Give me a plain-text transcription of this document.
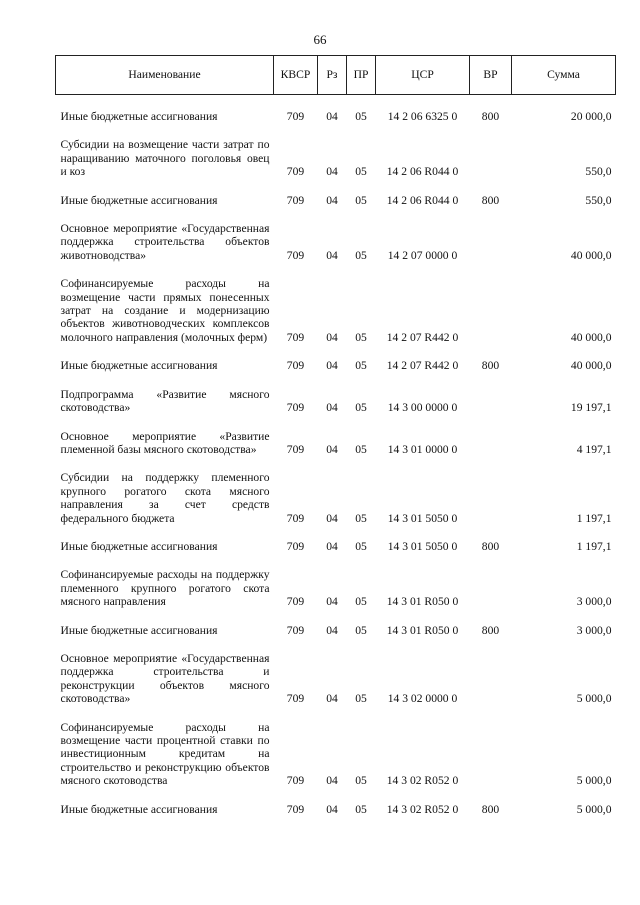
66
Наименование	КВСР	Рз	ПР	ЦСР	ВР	Сумма

Иные бюджетные ассигнования	709	04	05	14 2 06 6325 0	800	20 000,0

Субсидии на возмещение части затрат по наращиванию маточного поголовья овец и коз	709	04	05	14 2 06 R044 0		550,0

Иные бюджетные ассигнования	709	04	05	14 2 06 R044 0	800	550,0

Основное мероприятие «Государственная поддержка строительства объектов животноводства»	709	04	05	14 2 07 0000 0		40 000,0

Софинансируемые расходы на возмещение части прямых понесенных затрат на создание и модернизацию объектов животноводческих комплексов молочного направления (молочных ферм)	709	04	05	14 2 07 R442 0		40 000,0

Иные бюджетные ассигнования	709	04	05	14 2 07 R442 0	800	40 000,0

Подпрограмма «Развитие мясного скотоводства»	709	04	05	14 3 00 0000 0		19 197,1

Основное мероприятие «Развитие племенной базы мясного скотоводства»	709	04	05	14 3 01 0000 0		4 197,1

Субсидии на поддержку племенного крупного рогатого скота мясного направления за счет средств федерального бюджета	709	04	05	14 3 01 5050 0		1 197,1

Иные бюджетные ассигнования	709	04	05	14 3 01 5050 0	800	1 197,1

Софинансируемые расходы на поддержку племенного крупного рогатого скота мясного направления	709	04	05	14 3 01 R050 0		3 000,0

Иные бюджетные ассигнования	709	04	05	14 3 01 R050 0	800	3 000,0

Основное мероприятие «Государственная поддержка строительства и реконструкции объектов мясного скотоводства»	709	04	05	14 3 02 0000 0		5 000,0

Софинансируемые расходы на возмещение части процентной ставки по инвестиционным кредитам на строительство и реконструкцию объектов мясного скотоводства	709	04	05	14 3 02 R052 0		5 000,0

Иные бюджетные ассигнования	709	04	05	14 3 02 R052 0	800	5 000,0
